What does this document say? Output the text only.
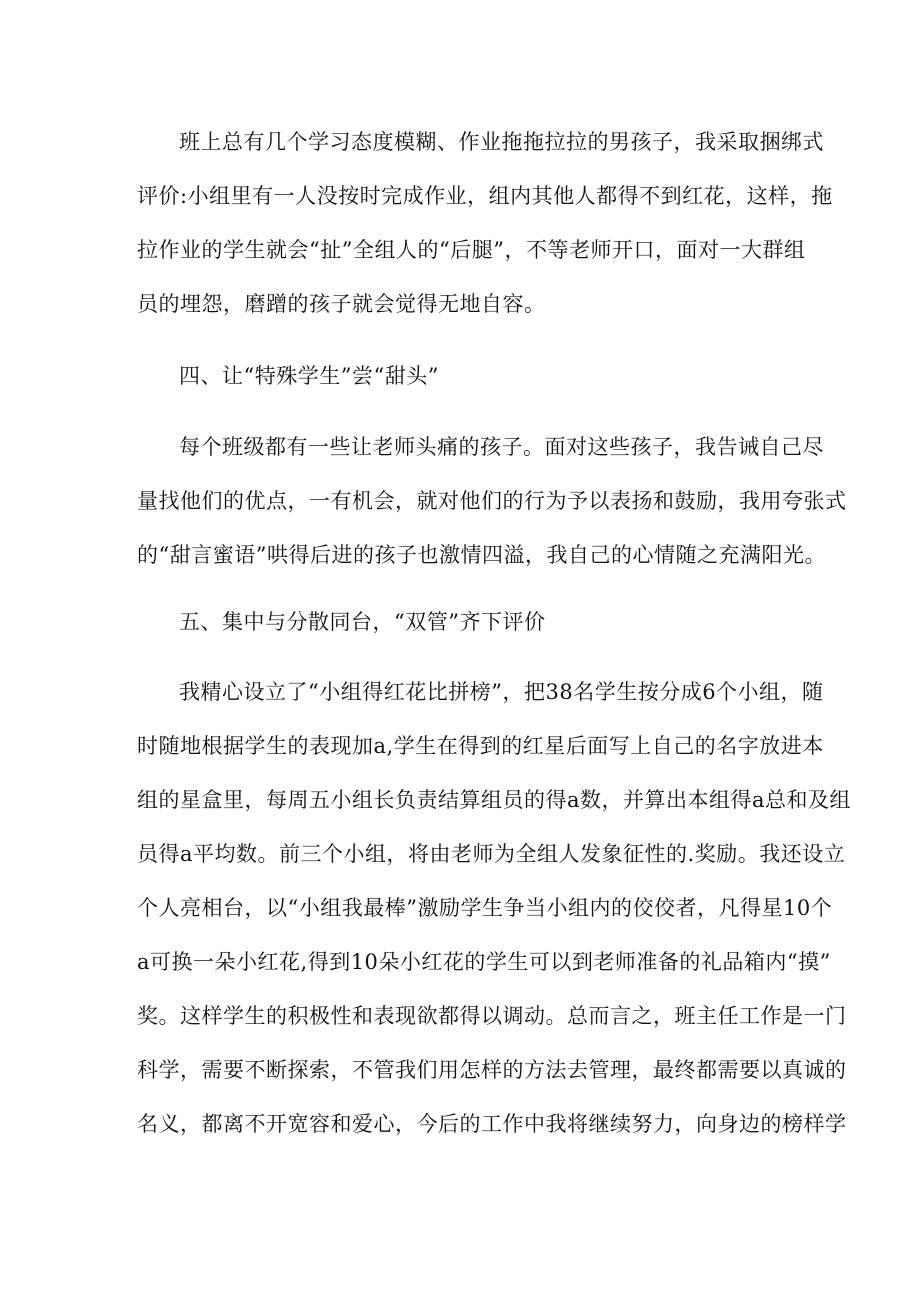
班上总有几个学习态度模糊、作业拖拖拉拉的男孩子，我采取捆绑式
评价:小组里有一人没按时完成作业，组内其他人都得不到红花，这样，拖
拉作业的学生就会“扯”全组人的“后腿”，不等老师开口，面对一大群组
员的埋怨，磨蹭的孩子就会觉得无地自容。
四、让“特殊学生”尝“甜头”
每个班级都有一些让老师头痛的孩子。面对这些孩子，我告诫自己尽
量找他们的优点，一有机会，就对他们的行为予以表扬和鼓励，我用夸张式
的“甜言蜜语”哄得后进的孩子也激情四溢，我自己的心情随之充满阳光。
五、集中与分散同台，“双管”齐下评价
我精心设立了“小组得红花比拼榜”，把38名学生按分成6个小组，随
时随地根据学生的表现加a,学生在得到的红星后面写上自己的名字放进本
组的星盒里，每周五小组长负责结算组员的得a数，并算出本组得a总和及组
员得a平均数。前三个小组，将由老师为全组人发象征性的.奖励。我还设立
个人亮相台，以“小组我最棒”激励学生争当小组内的佼佼者，凡得星10个
a可换一朵小红花,得到10朵小红花的学生可以到老师准备的礼品箱内“摸”
奖。这样学生的积极性和表现欲都得以调动。总而言之，班主任工作是一门
科学，需要不断探索，不管我们用怎样的方法去管理，最终都需要以真诚的
名义，都离不开宽容和爱心，今后的工作中我将继续努力，向身边的榜样学
